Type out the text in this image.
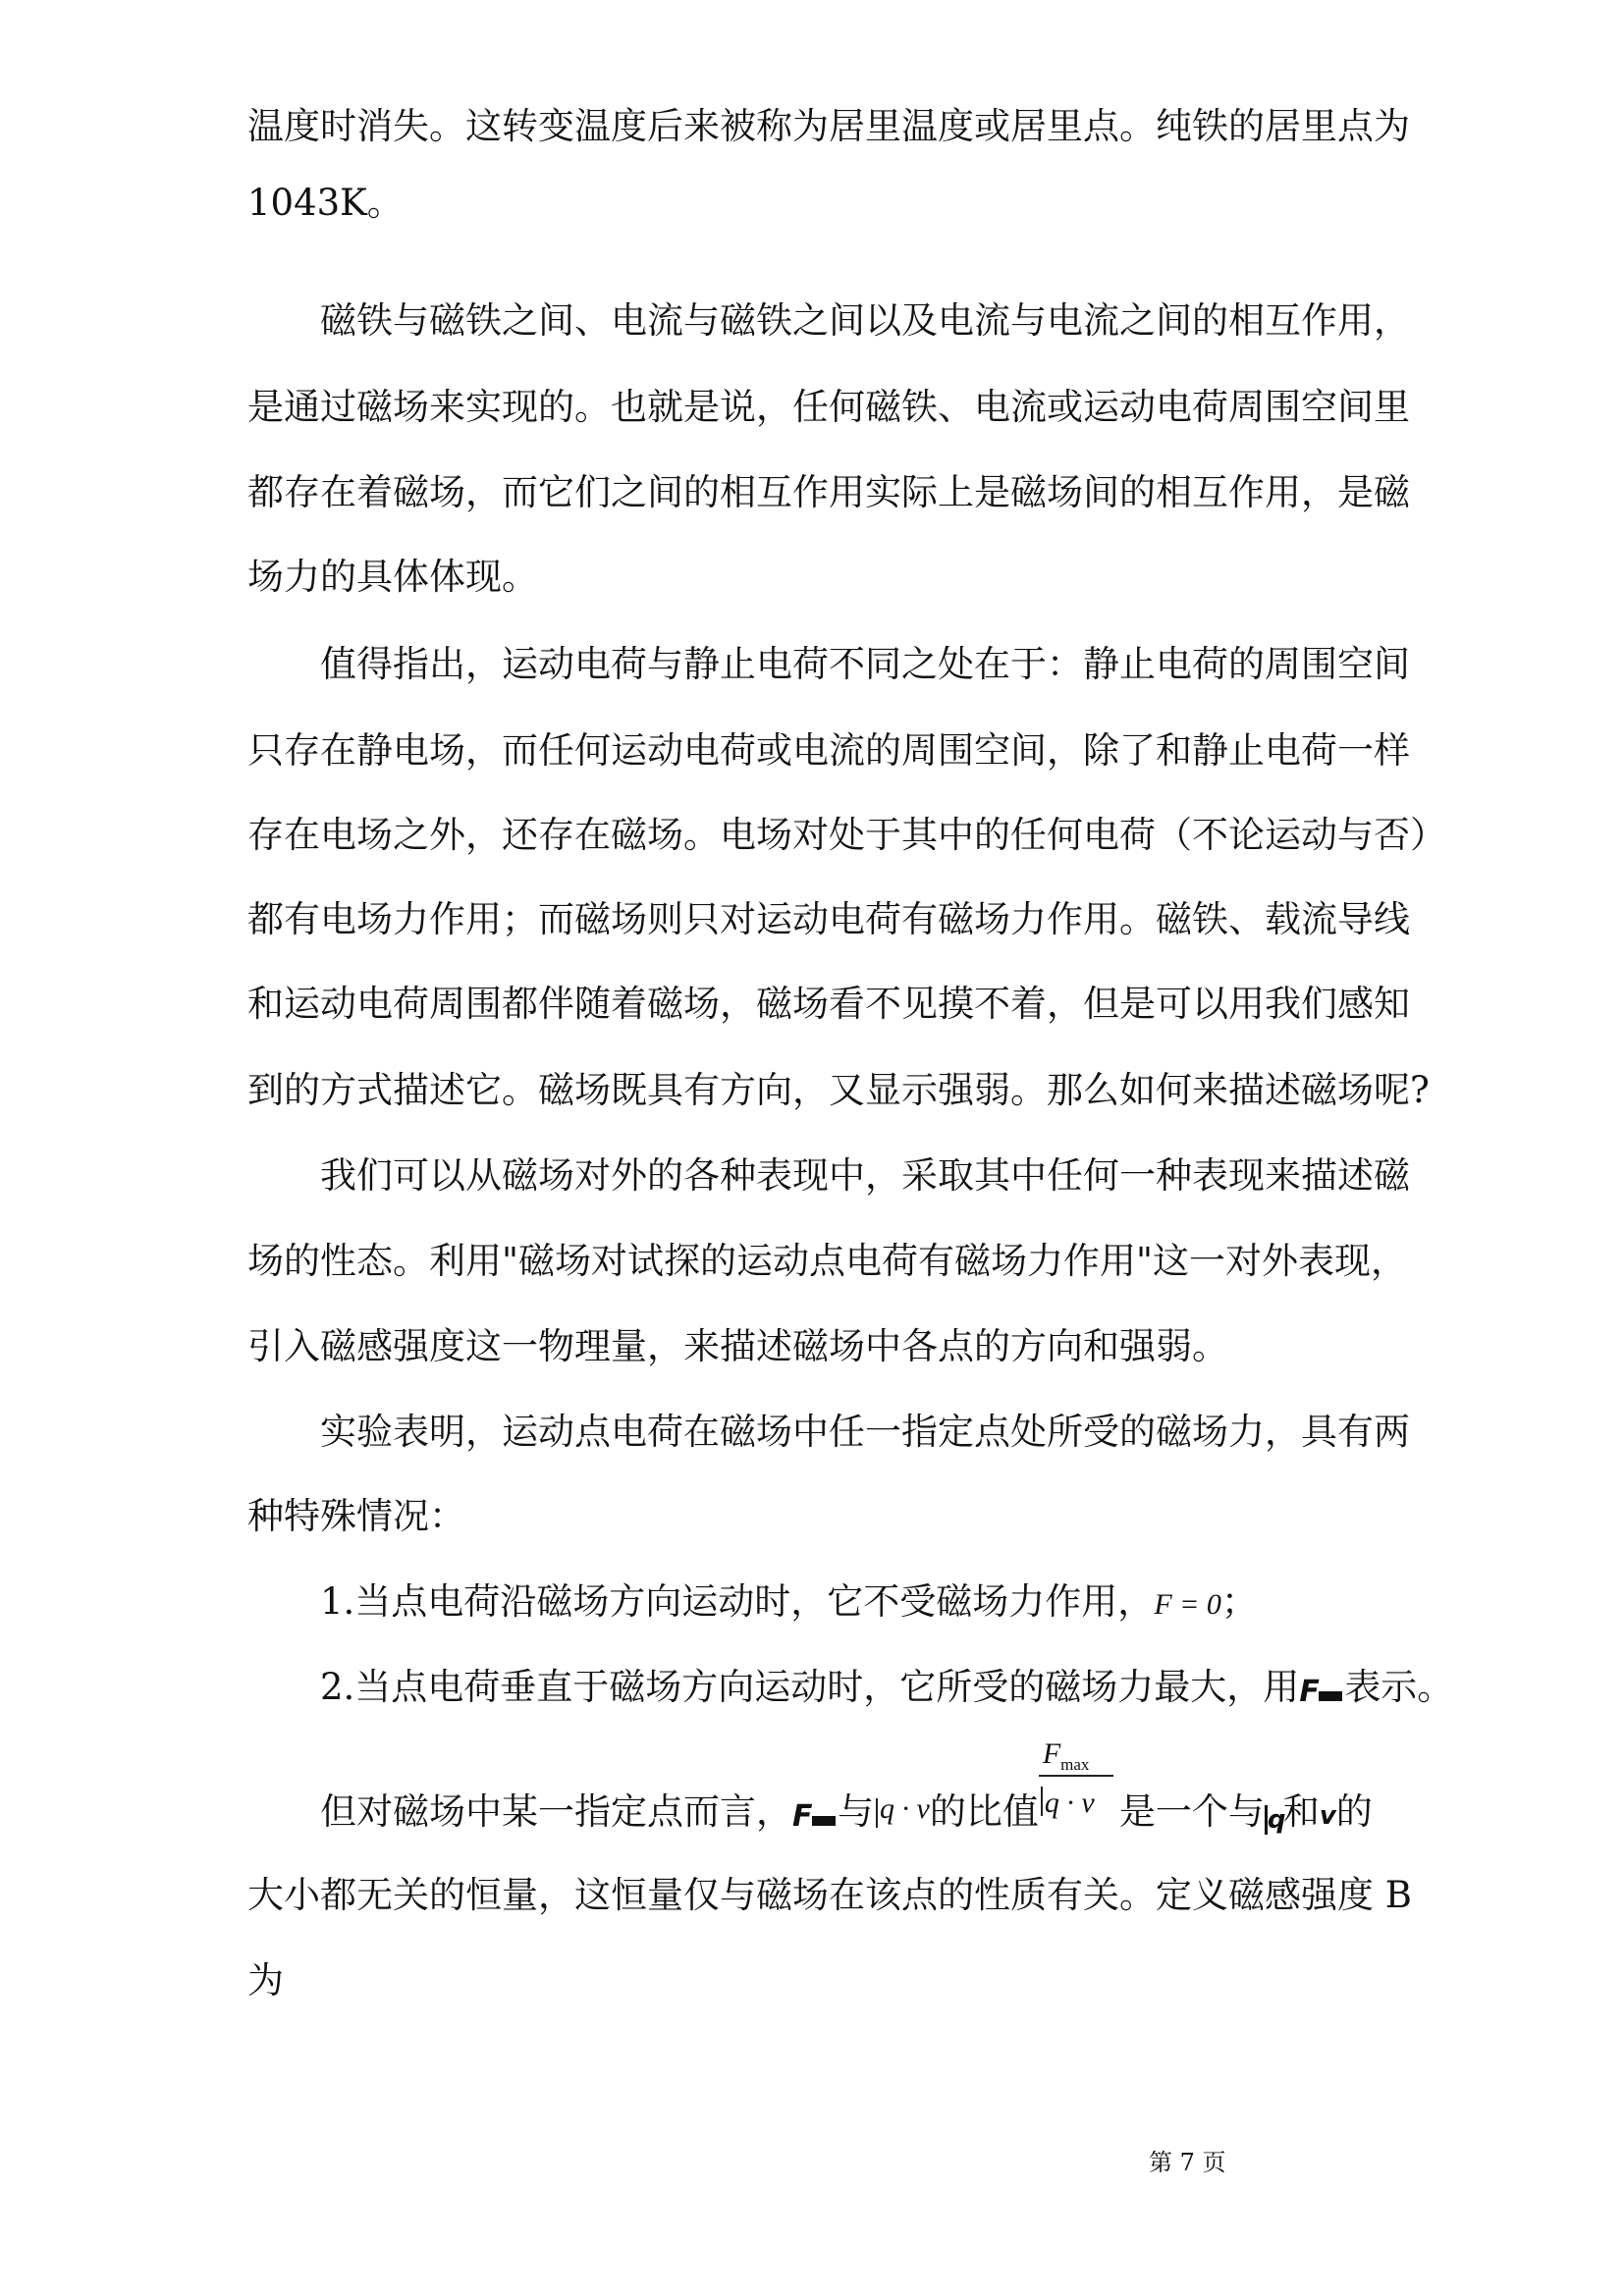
温度时消失。这转变温度后来被称为居里温度或居里点。纯铁的居里点为
1043K。
磁铁与磁铁之间、电流与磁铁之间以及电流与电流之间的相互作用，
是通过磁场来实现的。也就是说，任何磁铁、电流或运动电荷周围空间里
都存在着磁场，而它们之间的相互作用实际上是磁场间的相互作用，是磁
场力的具体体现。
值得指出，运动电荷与静止电荷不同之处在于：静止电荷的周围空间
只存在静电场，而任何运动电荷或电流的周围空间，除了和静止电荷一样
存在电场之外，还存在磁场。电场对处于其中的任何电荷（不论运动与否）
都有电场力作用；而磁场则只对运动电荷有磁场力作用。磁铁、载流导线
和运动电荷周围都伴随着磁场，磁场看不见摸不着，但是可以用我们感知
到的方式描述它。磁场既具有方向，又显示强弱。那么如何来描述磁场呢?
我们可以从磁场对外的各种表现中，采取其中任何一种表现来描述磁
场的性态。利用"磁场对试探的运动点电荷有磁场力作用"这一对外表现，
引入磁感强度这一物理量，来描述磁场中各点的方向和强弱。
实验表明，运动点电荷在磁场中任一指定点处所受的磁场力，具有两
种特殊情况：
1.当点电荷沿磁场方向运动时，它不受磁场力作用，F = 0；
2.当点电荷垂直于磁场方向运动时，它所受的磁场力最大，用 F 表示。
但对磁场中某一指定点而言， F 与 q · v的比值 $\frac{F_{max}}{q \cdot v}$ 是一个与 q和v的
大小都无关的恒量，这恒量仅与磁场在该点的性质有关。定义磁感强度 B
为
第 7 页
